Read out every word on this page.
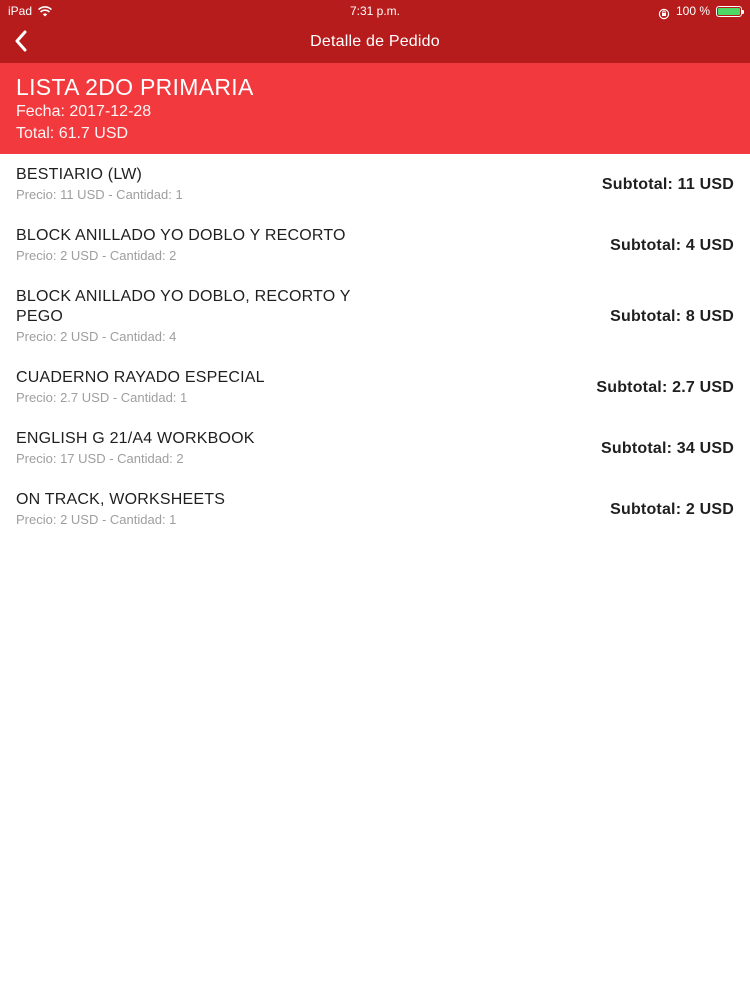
iPad	7:31 p.m.	100 %
Detalle de Pedido
LISTA 2DO PRIMARIA
Fecha: 2017-12-28
Total: 61.7 USD
BESTIARIO (LW)
Precio: 11 USD - Cantidad: 1
Subtotal: 11 USD
BLOCK ANILLADO YO DOBLO Y RECORTO
Precio: 2 USD - Cantidad: 2
Subtotal: 4 USD
BLOCK ANILLADO YO DOBLO, RECORTO Y PEGO
Precio: 2 USD - Cantidad: 4
Subtotal: 8 USD
CUADERNO RAYADO ESPECIAL
Precio: 2.7 USD - Cantidad: 1
Subtotal: 2.7 USD
ENGLISH G 21/A4 WORKBOOK
Precio: 17 USD - Cantidad: 2
Subtotal: 34 USD
ON TRACK, WORKSHEETS
Precio: 2 USD - Cantidad: 1
Subtotal: 2 USD
